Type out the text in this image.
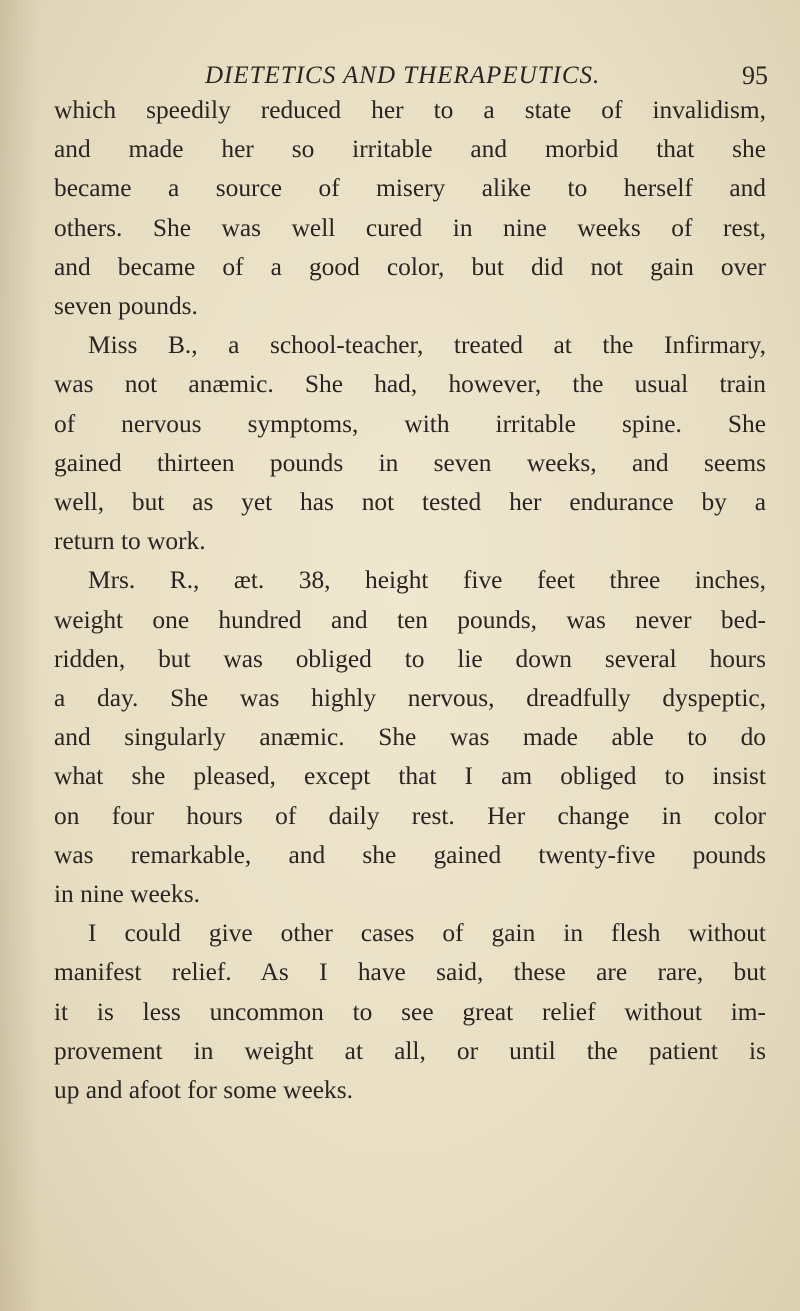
DIETETICS AND THERAPEUTICS.	95

which speedily reduced her to a state of invalidism,
and made her so irritable and morbid that she
became a source of misery alike to herself and
others. She was well cured in nine weeks of rest,
and became of a good color, but did not gain over
seven pounds.

Miss B., a school-teacher, treated at the Infirmary,
was not anæmic. She had, however, the usual train
of nervous symptoms, with irritable spine. She
gained thirteen pounds in seven weeks, and seems
well, but as yet has not tested her endurance by a
return to work.

Mrs. R., æt. 38, height five feet three inches,
weight one hundred and ten pounds, was never bed-
ridden, but was obliged to lie down several hours
a day. She was highly nervous, dreadfully dyspeptic,
and singularly anæmic. She was made able to do
what she pleased, except that I am obliged to insist
on four hours of daily rest. Her change in color
was remarkable, and she gained twenty-five pounds
in nine weeks.

I could give other cases of gain in flesh without
manifest relief. As I have said, these are rare, but
it is less uncommon to see great relief without im-
provement in weight at all, or until the patient is
up and afoot for some weeks.
